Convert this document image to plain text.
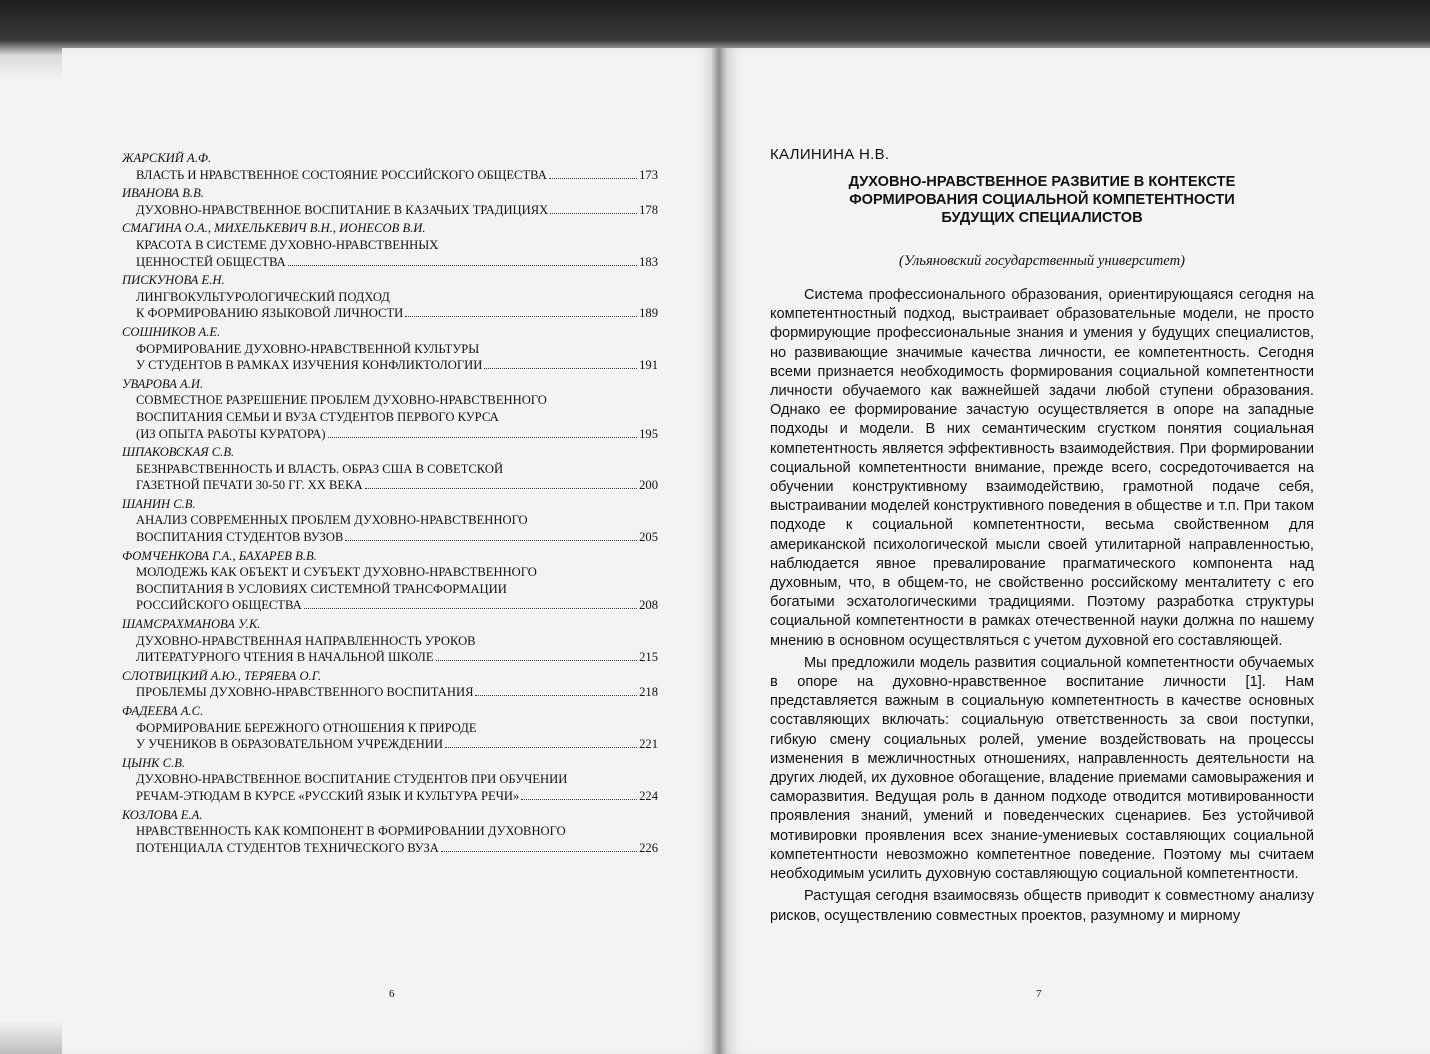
ЖАРСКИЙ А.Ф.
ВЛАСТЬ И НРАВСТВЕННОЕ СОСТОЯНИЕ РОССИЙСКОГО ОБЩЕСТВА	173
ИВАНОВА В.В.
ДУХОВНО-НРАВСТВЕННОЕ ВОСПИТАНИЕ В КАЗАЧЬИХ ТРАДИЦИЯХ	178
СМАГИНА О.А., МИХЕЛЬКЕВИЧ В.Н., ИОНЕСОВ В.И.
КРАСОТА В СИСТЕМЕ ДУХОВНО-НРАВСТВЕННЫХ
ЦЕННОСТЕЙ ОБЩЕСТВА	183
ПИСКУНОВА Е.Н.
ЛИНГВОКУЛЬТУРОЛОГИЧЕСКИЙ ПОДХОД
К ФОРМИРОВАНИЮ ЯЗЫКОВОЙ ЛИЧНОСТИ	189
СОШНИКОВ А.Е.
ФОРМИРОВАНИЕ ДУХОВНО-НРАВСТВЕННОЙ КУЛЬТУРЫ
У СТУДЕНТОВ В РАМКАХ ИЗУЧЕНИЯ КОНФЛИКТОЛОГИИ	191
УВАРОВА А.И.
СОВМЕСТНОЕ РАЗРЕШЕНИЕ ПРОБЛЕМ ДУХОВНО-НРАВСТВЕННОГО
ВОСПИТАНИЯ СЕМЬИ И ВУЗА СТУДЕНТОВ ПЕРВОГО КУРСА
(ИЗ ОПЫТА РАБОТЫ КУРАТОРА)	195
ШПАКОВСКАЯ С.В.
БЕЗНРАВСТВЕННОСТЬ И ВЛАСТЬ. ОБРАЗ США В СОВЕТСКОЙ
ГАЗЕТНОЙ ПЕЧАТИ 30-50 ГГ. XX ВЕКА	200
ШАНИН С.В.
АНАЛИЗ СОВРЕМЕННЫХ ПРОБЛЕМ ДУХОВНО-НРАВСТВЕННОГО
ВОСПИТАНИЯ СТУДЕНТОВ ВУЗОВ	205
ФОМЧЕНКОВА Г.А., БАХАРЕВ В.В.
МОЛОДЕЖЬ КАК ОБЪЕКТ И СУБЪЕКТ ДУХОВНО-НРАВСТВЕННОГО
ВОСПИТАНИЯ В УСЛОВИЯХ СИСТЕМНОЙ ТРАНСФОРМАЦИИ
РОССИЙСКОГО ОБЩЕСТВА	208
ШАМСРАХМАНОВА У.К.
ДУХОВНО-НРАВСТВЕННАЯ НАПРАВЛЕННОСТЬ УРОКОВ
ЛИТЕРАТУРНОГО ЧТЕНИЯ В НАЧАЛЬНОЙ ШКОЛЕ	215
СЛОТВИЦКИЙ А.Ю., ТЕРЯЕВА О.Г.
ПРОБЛЕМЫ ДУХОВНО-НРАВСТВЕННОГО ВОСПИТАНИЯ	218
ФАДЕЕВА А.С.
ФОРМИРОВАНИЕ БЕРЕЖНОГО ОТНОШЕНИЯ К ПРИРОДЕ
У УЧЕНИКОВ В ОБРАЗОВАТЕЛЬНОМ УЧРЕЖДЕНИИ	221
ЦЫНК С.В.
ДУХОВНО-НРАВСТВЕННОЕ ВОСПИТАНИЕ СТУДЕНТОВ ПРИ ОБУЧЕНИИ
РЕЧАМ-ЭТЮДАМ В КУРСЕ «РУССКИЙ ЯЗЫК И КУЛЬТУРА РЕЧИ»	224
КОЗЛОВА Е.А.
НРАВСТВЕННОСТЬ КАК КОМПОНЕНТ В ФОРМИРОВАНИИ ДУХОВНОГО
ПОТЕНЦИАЛА СТУДЕНТОВ ТЕХНИЧЕСКОГО ВУЗА	226
6
КАЛИНИНА Н.В.
ДУХОВНО-НРАВСТВЕННОЕ РАЗВИТИЕ В КОНТЕКСТЕ
ФОРМИРОВАНИЯ СОЦИАЛЬНОЙ КОМПЕТЕНТНОСТИ
БУДУЩИХ СПЕЦИАЛИСТОВ
(Ульяновский государственный университет)

Система профессионального образования, ориентирующаяся сегодня на компетентностный подход, выстраивает образовательные модели, не просто формирующие профессиональные знания и умения у будущих специалистов, но развивающие значимые качества личности, ее компетентность. Сегодня всеми признается необходимость формирования социальной компетентности личности обучаемого как важнейшей задачи любой ступени образования. Однако ее формирование зачастую осуществляется в опоре на западные подходы и модели. В них семантическим сгустком понятия социальная компетентность является эффективность взаимодействия. При формировании социальной компетентности внимание, прежде всего, сосредоточивается на обучении конструктивному взаимодействию, грамотной подаче себя, выстраивании моделей конструктивного поведения в обществе и т.п. При таком подходе к социальной компетентности, весьма свойственном для американской психологической мысли своей утилитарной направленностью, наблюдается явное превалирование прагматического компонента над духовным, что, в общем-то, не свойственно российскому менталитету с его богатыми эсхатологическими традициями. Поэтому разработка структуры социальной компетентности в рамках отечественной науки должна по нашему мнению в основном осуществляться с учетом духовной его составляющей.

Мы предложили модель развития социальной компетентности обучаемых в опоре на духовно-нравственное воспитание личности [1]. Нам представляется важным в социальную компетентность в качестве основных составляющих включать: социальную ответственность за свои поступки, гибкую смену социальных ролей, умение воздействовать на процессы изменения в межличностных отношениях, направленность деятельности на других людей, их духовное обогащение, владение приемами самовыражения и саморазвития. Ведущая роль в данном подходе отводится мотивированности проявления знаний, умений и поведенческих сценариев. Без устойчивой мотивировки проявления всех знание-умениевых составляющих социальной компетентности невозможно компетентное поведение. Поэтому мы считаем необходимым усилить духовную составляющую социальной компетентности.

Растущая сегодня взаимосвязь обществ приводит к совместному анализу рисков, осуществлению совместных проектов, разумному и мирному

7
